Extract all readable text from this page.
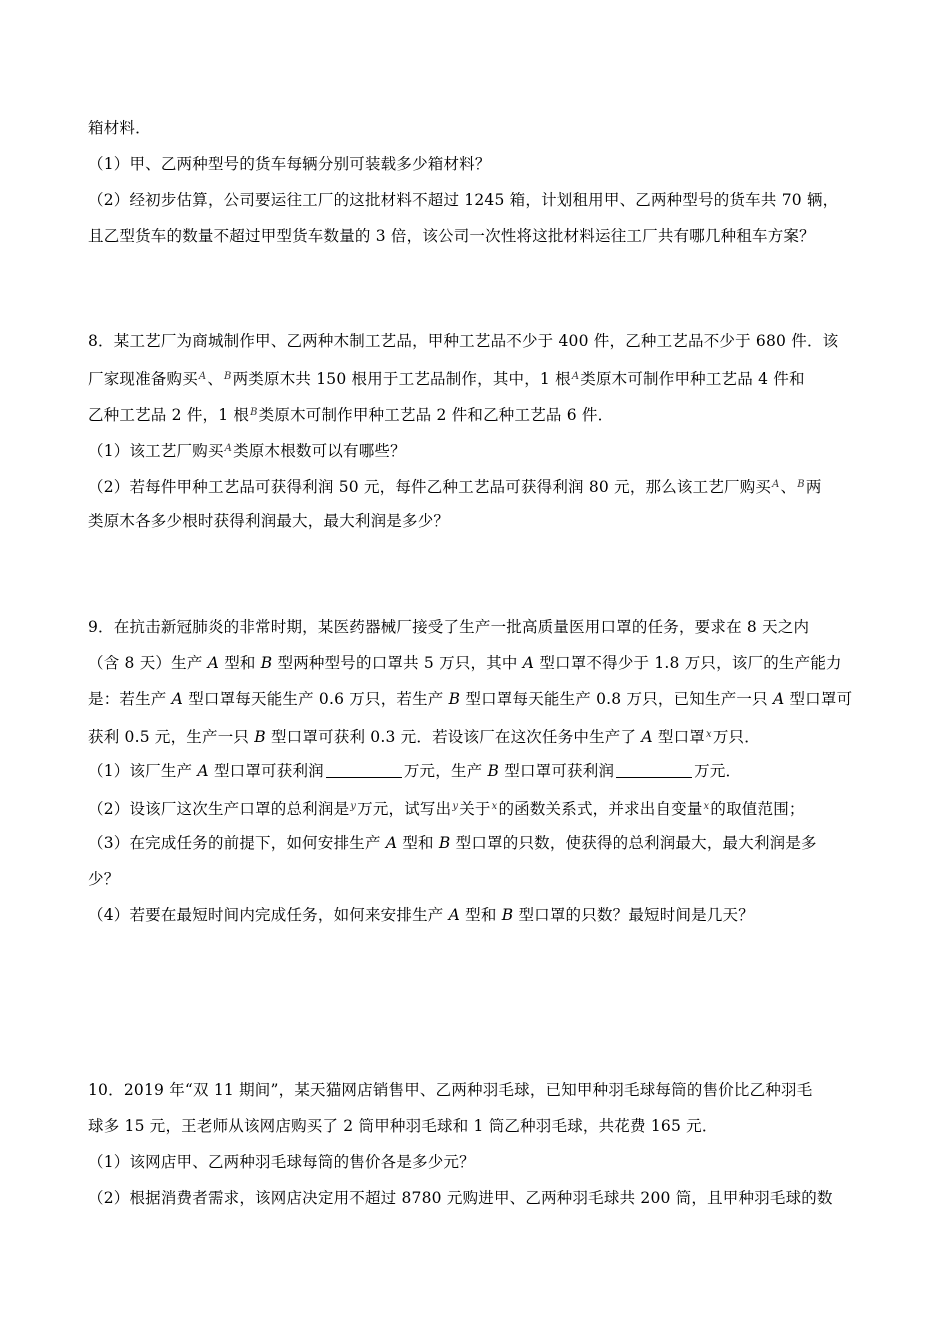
箱材料．
（1）甲、乙两种型号的货车每辆分别可装载多少箱材料？
（2）经初步估算，公司要运往工厂的这批材料不超过 1245 箱，计划租用甲、乙两种型号的货车共 70 辆，
且乙型货车的数量不超过甲型货车数量的 3 倍，该公司一次性将这批材料运往工厂共有哪几种租车方案？
8．某工艺厂为商城制作甲、乙两种木制工艺品，甲种工艺品不少于 400 件，乙种工艺品不少于 680 件．该
厂家现准备购买$^A$、$^B$两类原木共 150 根用于工艺品制作，其中，1 根$^A$类原木可制作甲种工艺品 4 件和
乙种工艺品 2 件，1 根$^B$类原木可制作甲种工艺品 2 件和乙种工艺品 6 件．
（1）该工艺厂购买$^A$类原木根数可以有哪些？
（2）若每件甲种工艺品可获得利润 50 元，每件乙种工艺品可获得利润 80 元，那么该工艺厂购买$^A$、$^B$两
类原木各多少根时获得利润最大，最大利润是多少？
9．在抗击新冠肺炎的非常时期，某医药器械厂接受了生产一批高质量医用口罩的任务，要求在 8 天之内
（含 8 天）生产 A 型和 B 型两种型号的口罩共 5 万只，其中 A 型口罩不得少于 1.8 万只，该厂的生产能力
是：若生产 A 型口罩每天能生产 0.6 万只，若生产 B 型口罩每天能生产 0.8 万只，已知生产一只 A 型口罩可
获利 0.5 元，生产一只 B 型口罩可获利 0.3 元．若设该厂在这次任务中生产了 A 型口罩$^x$万只．
（1）该厂生产 A 型口罩可获利润	万元，生产 B 型口罩可获利润	万元．
（2）设该厂这次生产口罩的总利润是$^y$万元，试写出$^y$关于$^x$的函数关系式，并求出自变量$^x$的取值范围；
（3）在完成任务的前提下，如何安排生产 A 型和 B 型口罩的只数，使获得的总利润最大，最大利润是多
少？
（4）若要在最短时间内完成任务，如何来安排生产 A 型和 B 型口罩的只数？最短时间是几天？
10．2019 年“双 11 期间”，某天猫网店销售甲、乙两种羽毛球，已知甲种羽毛球每筒的售价比乙种羽毛
球多 15 元，王老师从该网店购买了 2 筒甲种羽毛球和 1 筒乙种羽毛球，共花费 165 元．
（1）该网店甲、乙两种羽毛球每筒的售价各是多少元？
（2）根据消费者需求，该网店决定用不超过 8780 元购进甲、乙两种羽毛球共 200 筒，且甲种羽毛球的数
